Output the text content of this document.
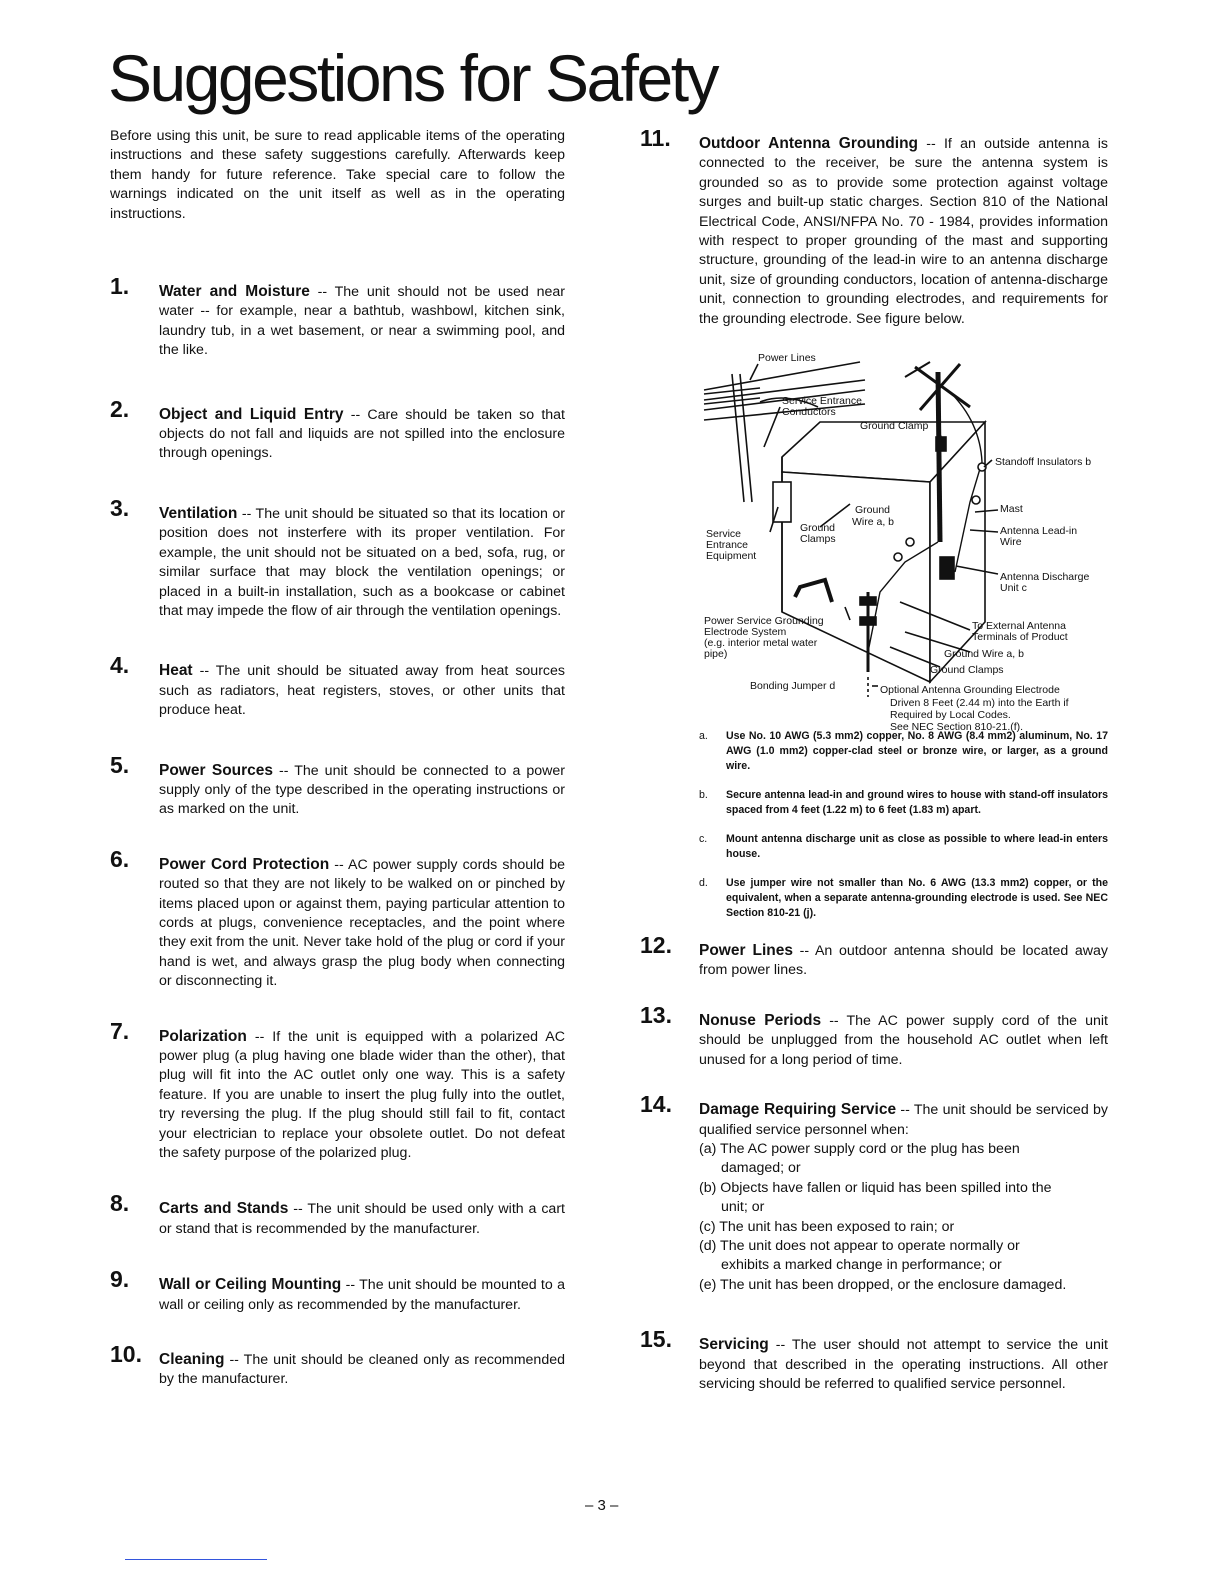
Suggestions for Safety

Before using this unit, be sure to read applicable items of the operating instructions and these safety suggestions carefully. Afterwards keep them handy for future reference. Take special care to follow the warnings indicated on the unit itself as well as in the operating instructions.

1. Water and Moisture -- The unit should not be used near water -- for example, near a bathtub, washbowl, kitchen sink, laundry tub, in a wet basement, or near a swimming pool, and the like.

2. Object and Liquid Entry -- Care should be taken so that objects do not fall and liquids are not spilled into the enclosure through openings.

3. Ventilation -- The unit should be situated so that its location or position does not insterfere with its proper ventilation. For example, the unit should not be situated on a bed, sofa, rug, or similar surface that may block the ventilation openings; or placed in a built-in installation, such as a bookcase or cabinet that may impede the flow of air through the ventilation openings.

4. Heat -- The unit should be situated away from heat sources such as radiators, heat registers, stoves, or other units that produce heat.

5. Power Sources -- The unit should be connected to a power supply only of the type described in the operating instructions or as marked on the unit.

6. Power Cord Protection -- AC power supply cords should be routed so that they are not likely to be walked on or pinched by items placed upon or against them, paying particular attention to cords at plugs, convenience receptacles, and the point where they exit from the unit. Never take hold of the plug or cord if your hand is wet, and always grasp the plug body when connecting or disconnecting it.

7. Polarization -- If the unit is equipped with a polarized AC power plug (a plug having one blade wider than the other), that plug will fit into the AC outlet only one way. This is a safety feature. If you are unable to insert the plug fully into the outlet, try reversing the plug. If the plug should still fail to fit, contact your electrician to replace your obsolete outlet. Do not defeat the safety purpose of the polarized plug.

8. Carts and Stands -- The unit should be used only with a cart or stand that is recommended by the manufacturer.

9. Wall or Ceiling Mounting -- The unit should be mounted to a wall or ceiling only as recommended by the manufacturer.

10. Cleaning -- The unit should be cleaned only as recommended by the manufacturer.

11. Outdoor Antenna Grounding -- If an outside antenna is connected to the receiver, be sure the antenna system is grounded so as to provide some protection against voltage surges and built-up static charges. Section 810 of the National Electrical Code, ANSI/NFPA No. 70 - 1984, provides information with respect to proper grounding of the mast and supporting structure, grounding of the lead-in wire to an antenna discharge unit, size of grounding conductors, location of antenna-discharge unit, connection to grounding electrodes, and requirements for the grounding electrode. See figure below.

a. Use No. 10 AWG (5.3 mm2) copper, No. 8 AWG (8.4 mm2) aluminum, No. 17 AWG (1.0 mm2) copper-clad steel or bronze wire, or larger, as a ground wire.

b. Secure antenna lead-in and ground wires to house with stand-off insulators spaced from 4 feet (1.22 m) to 6 feet (1.83 m) apart.

c. Mount antenna discharge unit as close as possible to where lead-in enters house.

d. Use jumper wire not smaller than No. 6 AWG (13.3 mm2) copper, or the equivalent, when a separate antenna-grounding electrode is used. See NEC Section 810-21 (j).

12. Power Lines -- An outdoor antenna should be located away from power lines.

13. Nonuse Periods -- The AC power supply cord of the unit should be unplugged from the household AC outlet when left unused for a long period of time.

14. Damage Requiring Service -- The unit should be serviced by qualified service personnel when:

(a) The AC power supply cord or the plug has been
damaged; or
(b) Objects have fallen or liquid has been spilled into the
unit; or
(c) The unit has been exposed to rain; or
(d) The unit does not appear to operate normally or
exhibits a marked change in performance; or
(e) The unit has been dropped, or the enclosure damaged.
15. Servicing -- The user should not attempt to service the unit beyond that described in the operating instructions. All other servicing should be referred to qualified service personnel.

Power Lines
Service Entrance
Conductors
Ground Clamp
Standoff Insulators b
Mast
Ground
Wire a, b
Ground
Clamps
Service
Entrance
Equipment
Antenna Lead-in
Wire
Antenna Discharge
Unit c
Power Service Grounding
Electrode System
(e.g. interior metal water
pipe)
To External Antenna
Terminals of Product
Ground Wire a, b
Ground Clamps
Bonding Jumper d	Optional Antenna Grounding Electrode
Driven 8 Feet (2.44 m) into the Earth if
Required by Local Codes.
See NEC Section 810-21.(f).
– 3 –
